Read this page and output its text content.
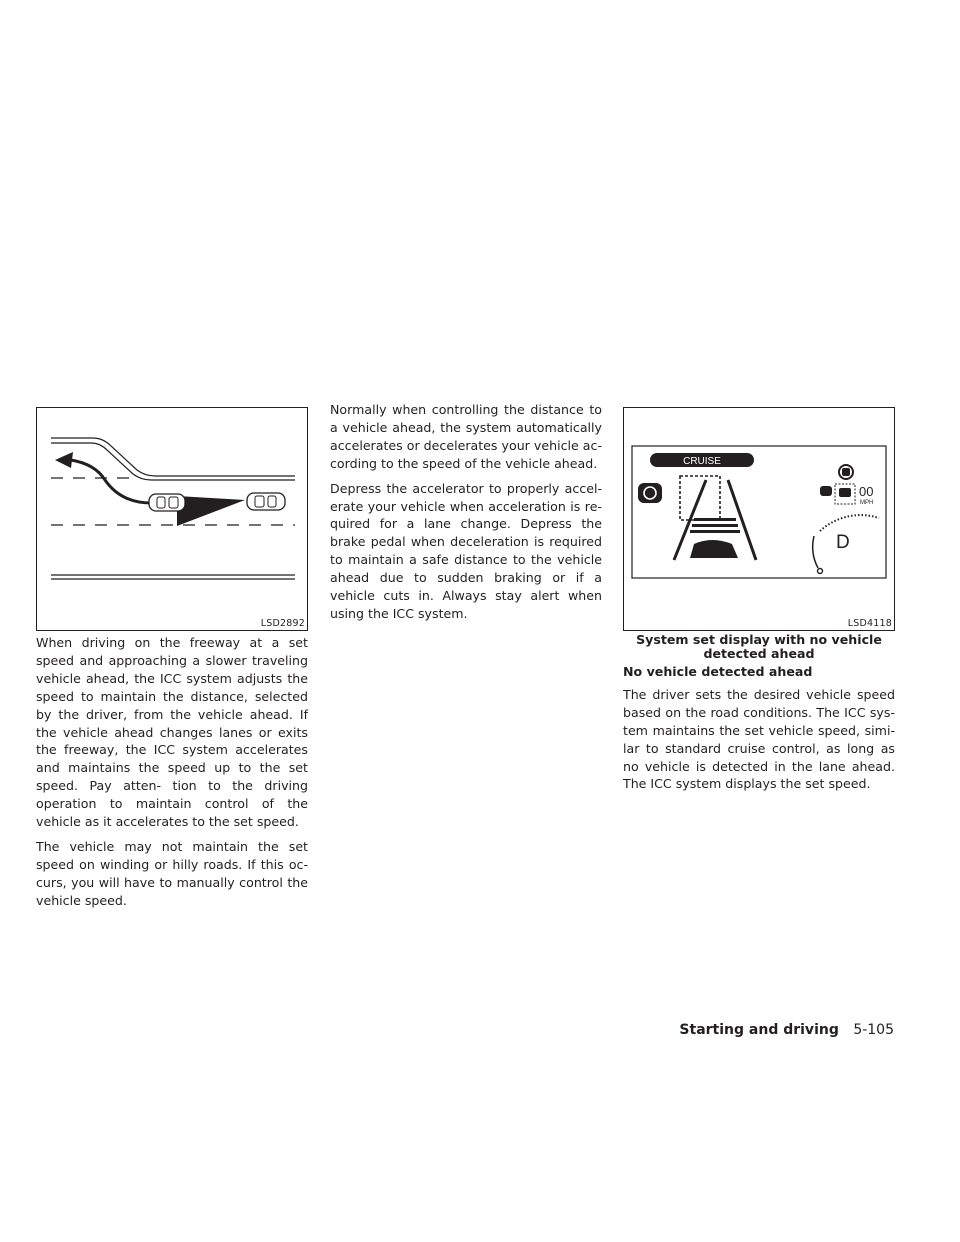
LSD2892
CRUISE
00
MPH
D
LSD4118
System set display with no vehicle
detected ahead

When driving on the freeway at a set speed and approaching a slower traveling vehicle ahead, the ICC system adjusts the speed to maintain the distance, selected by the driver, from the vehicle ahead. If the vehicle ahead changes lanes or exits the freeway, the ICC system accelerates and maintains the speed up to the set speed. Pay atten- tion to the driving operation to maintain control of the vehicle as it accelerates to the set speed.

The vehicle may not maintain the set speed on winding or hilly roads. If this oc- curs, you will have to manually control the vehicle speed.

Normally when controlling the distance to a vehicle ahead, the system automatically accelerates or decelerates your vehicle ac- cording to the speed of the vehicle ahead.

Depress the accelerator to properly accel- erate your vehicle when acceleration is re- quired for a lane change. Depress the brake pedal when deceleration is required to maintain a safe distance to the vehicle ahead due to sudden braking or if a vehicle cuts in. Always stay alert when using the ICC system.

No vehicle detected ahead

The driver sets the desired vehicle speed based on the road conditions. The ICC sys- tem maintains the set vehicle speed, simi- lar to standard cruise control, as long as no vehicle is detected in the lane ahead. The ICC system displays the set speed.

Starting and driving 5-105
